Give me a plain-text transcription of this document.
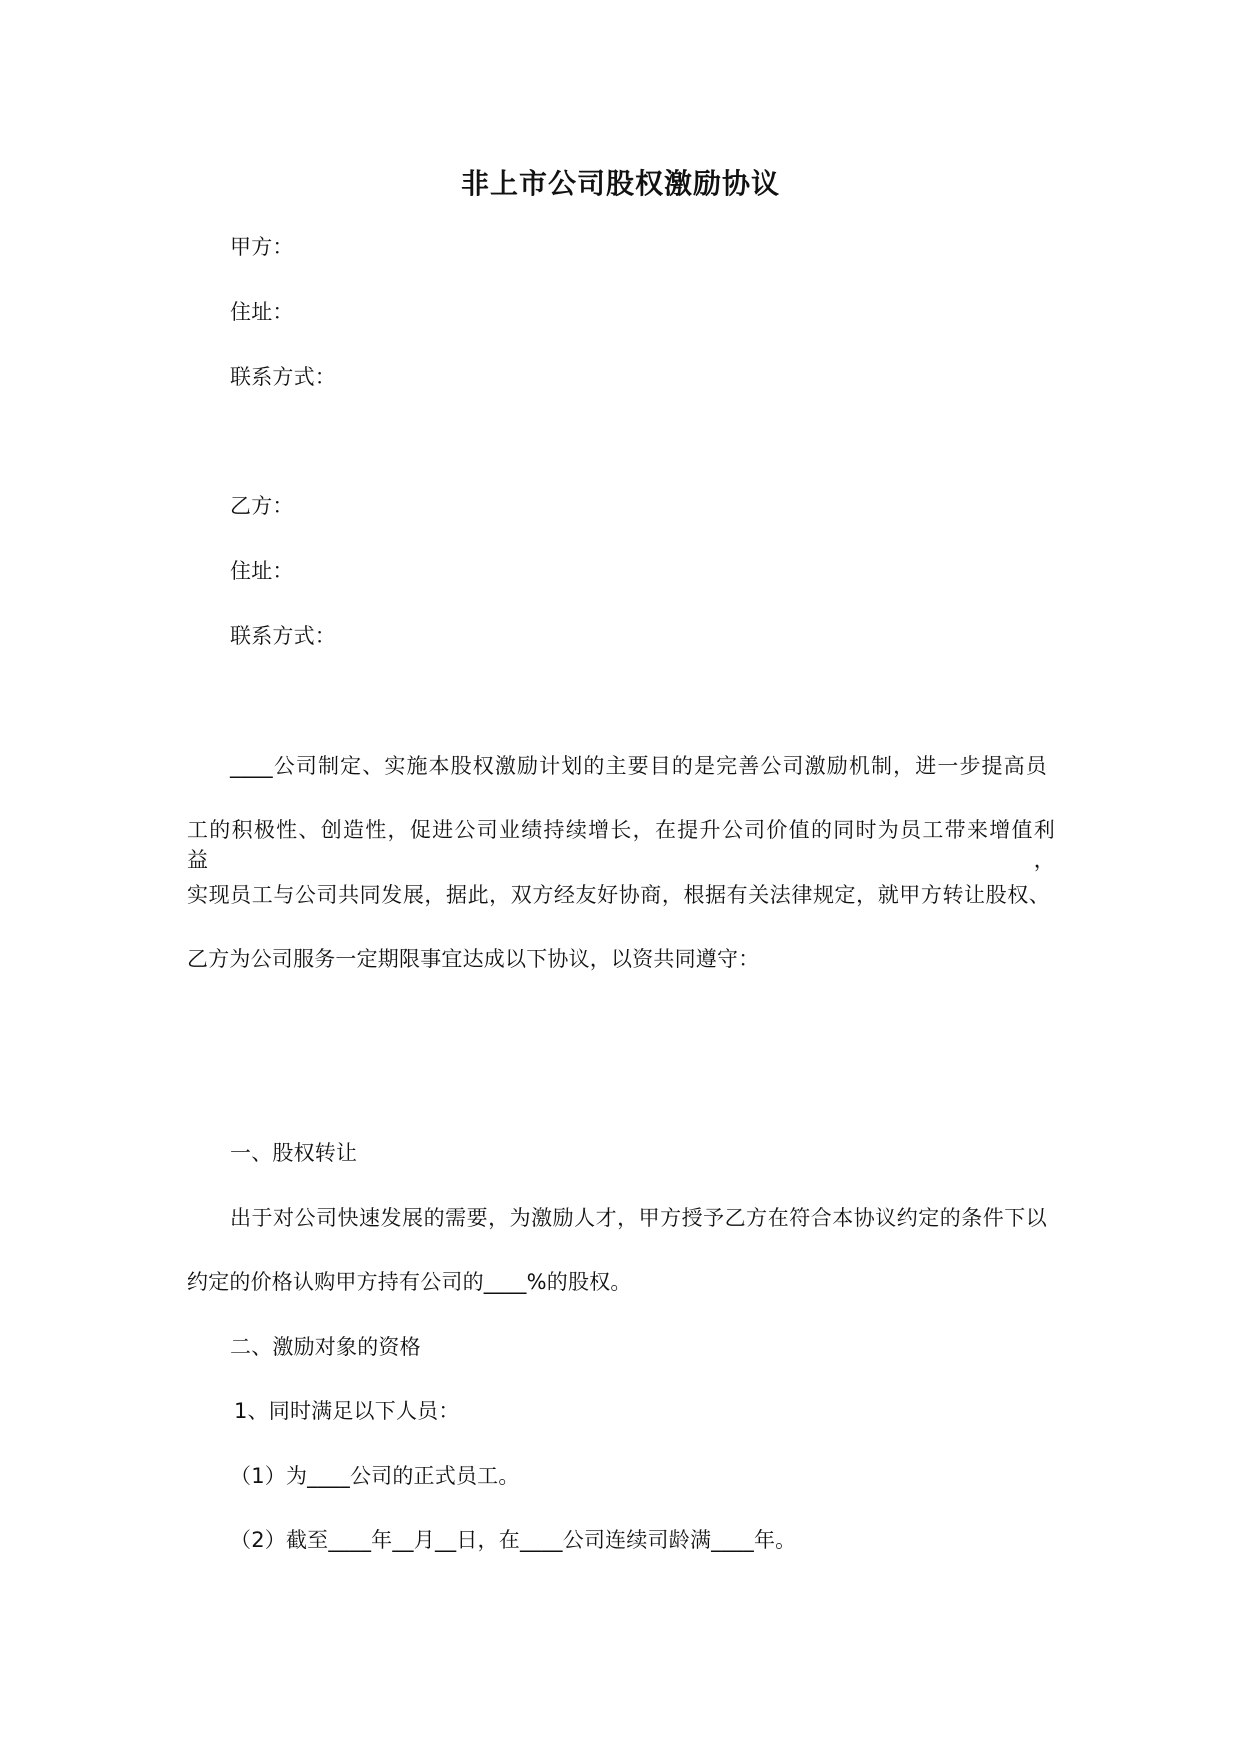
非上市公司股权激励协议
甲方：
住址：
联系方式：
乙方：
住址：
联系方式：
____公司制定、实施本股权激励计划的主要目的是完善公司激励机制，进一步提高员
工的积极性、创造性，促进公司业绩持续增长，在提升公司价值的同时为员工带来增值利益，
实现员工与公司共同发展，据此，双方经友好协商，根据有关法律规定，就甲方转让股权、
乙方为公司服务一定期限事宜达成以下协议，以资共同遵守：
一、股权转让
出于对公司快速发展的需要，为激励人才，甲方授予乙方在符合本协议约定的条件下以
约定的价格认购甲方持有公司的____%的股权。
二、激励对象的资格
1、同时满足以下人员：
（1）为____公司的正式员工。
（2）截至____年__月__日，在____公司连续司龄满____年。
